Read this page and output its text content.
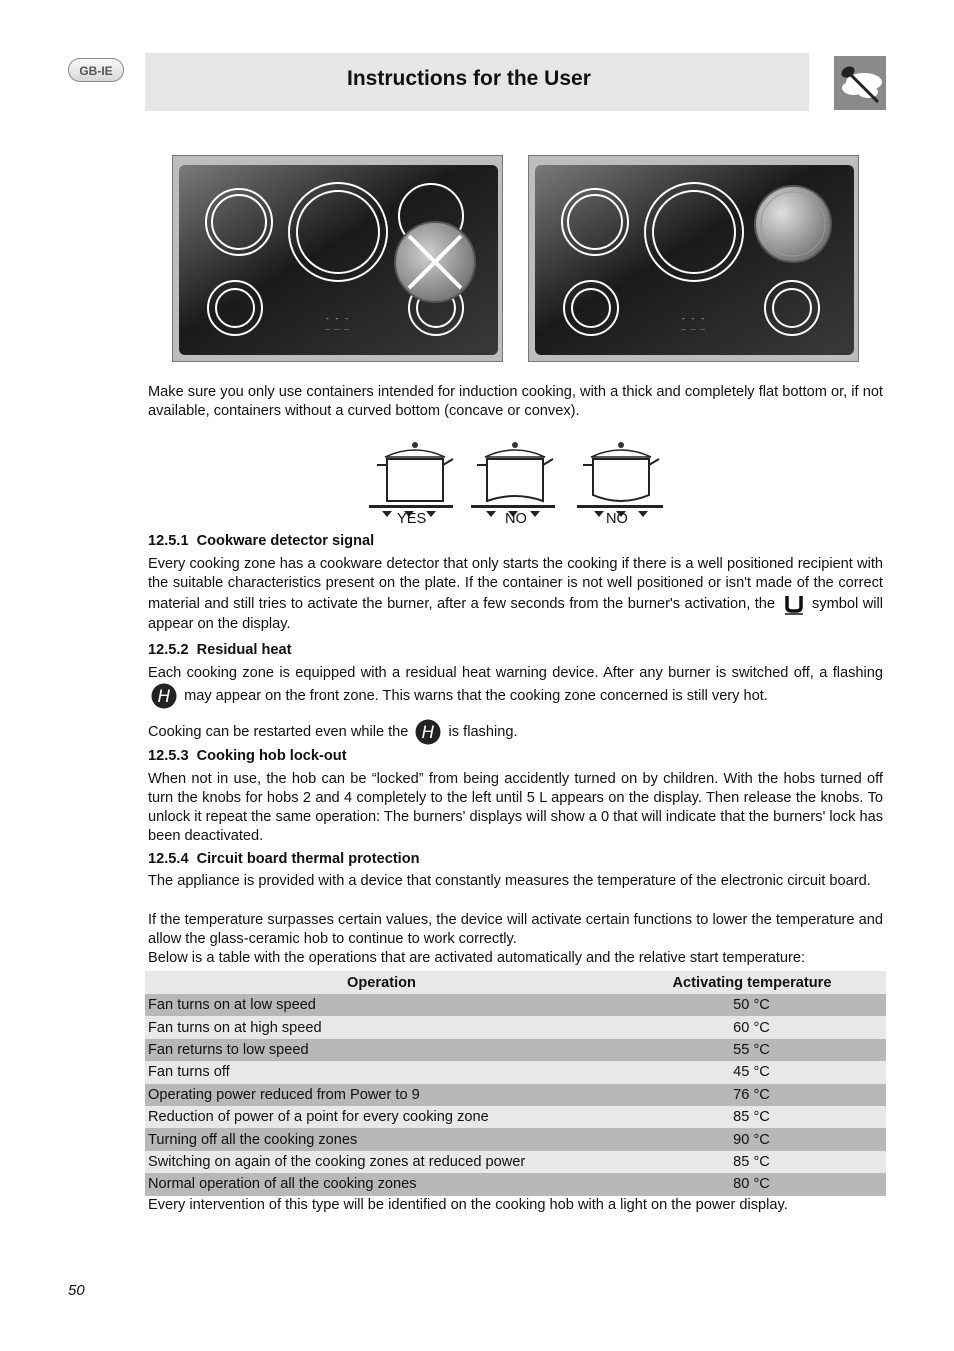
GB-IE	Instructions for the User
_ _ _
- - -
_ _ _
- - -
Make sure you only use containers intended for induction cooking, with a thick and completely flat bottom or, if not available, containers without a curved bottom (concave or convex).
YES	NO	NO
12.5.1 Cookware detector signal
Every cooking zone has a cookware detector that only starts the cooking if there is a well positioned recipient with the suitable characteristics present on the plate. If the container is not well positioned or isn't made of the correct material and still tries to activate the burner, after a few seconds from the burner's activation, the	symbol will appear on the display.
12.5.2 Residual heat
Each cooking zone is equipped with a residual heat warning device. After any burner is switched off, a flashing
H may appear on the front zone. This warns that the cooking zone concerned is still very hot.
Cooking can be restarted even while the H is flashing.
12.5.3 Cooking hob lock-out
When not in use, the hob can be “locked” from being accidently turned on by children. With the hobs turned off turn the knobs for hobs 2 and 4 completely to the left until 5 L appears on the display. Then release the knobs. To unlock it repeat the same operation: The burners' displays will show a 0 that will indicate that the burners' lock has been deactivated.
12.5.4 Circuit board thermal protection
The appliance is provided with a device that constantly measures the temperature of the electronic circuit board.
If the temperature surpasses certain values, the device will activate certain functions to lower the temperature and allow the glass-ceramic hob to continue to work correctly.
Below is a table with the operations that are activated automatically and the relative start temperature:
Operation	Activating temperature
Fan turns on at low speed	50 °C
Fan turns on at high speed	60 °C
Fan returns to low speed	55 °C
Fan turns off	45 °C
Operating power reduced from Power to 9	76 °C
Reduction of power of a point for every cooking zone	85 °C
Turning off all the cooking zones	90 °C
Switching on again of the cooking zones at reduced power	85 °C
Normal operation of all the cooking zones	80 °C
Every intervention of this type will be identified on the cooking hob with a light on the power display.
50
